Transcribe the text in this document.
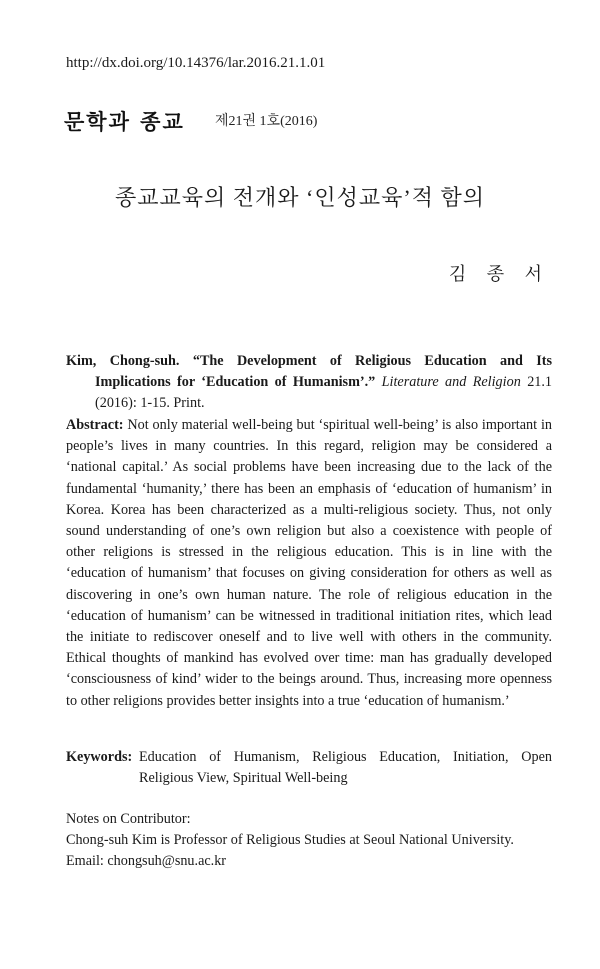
http://dx.doi.org/10.14376/lar.2016.21.1.01
문학과 종교 제21권 1호(2016)
종교교육의 전개와 ‘인성교육’적 함의
김 종 서
Kim, Chong-suh. “The Development of Religious Education and Its Implications for ‘Education of Humanism’.” Literature and Religion 21.1 (2016): 1-15. Print.
Abstract: Not only material well-being but ‘spiritual well-being’ is also important in people’s lives in many countries. In this regard, religion may be considered a ‘national capital.’ As social problems have been increasing due to the lack of the fundamental ‘humanity,’ there has been an emphasis of ‘education of humanism’ in Korea. Korea has been characterized as a multi-religious society. Thus, not only sound understanding of one’s own religion but also a coexistence with people of other religions is stressed in the religious education. This is in line with the ‘education of humanism’ that focuses on giving consideration for others as well as discovering in one’s own human nature. The role of religious education in the ‘education of humanism’ can be witnessed in traditional initiation rites, which lead the initiate to rediscover oneself and to live well with others in the community. Ethical thoughts of mankind has evolved over time: man has gradually developed ‘consciousness of kind’ wider to the beings around. Thus, increasing more openness to other religions provides better insights into a true ‘education of humanism.’
Keywords: Education of Humanism, Religious Education, Initiation, Open Religious View, Spiritual Well-being
Notes on Contributor:
Chong-suh Kim is Professor of Religious Studies at Seoul National University.
Email: chongsuh@snu.ac.kr
